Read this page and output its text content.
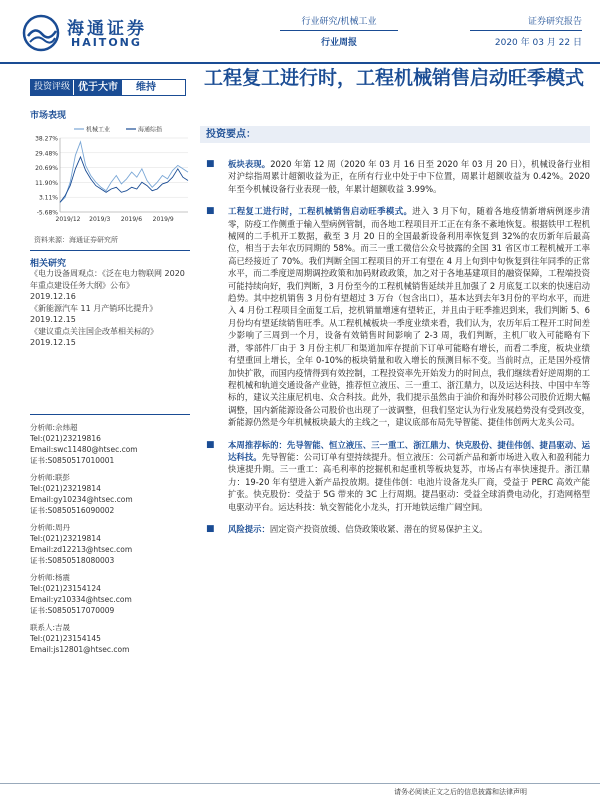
海通证券
HAITONG
行业研究/机械工业
行业周报
证券研究报告
2020 年 03 月 22 日
投资评级 优于大市	维持	工程复工进行时，工程机械销售启动旺季模式
市场表现
38.27%
29.48%
20.69%
11.90%
3.11%
-5.68%
2019/12 2019/3 2019/6 2019/9
机械工业	海通综指
资料来源：海通证券研究所
相关研究
《电力设备周观点：《泛在电力物联网 2020 年重点建设任务大纲》公布》
2019.12.16
《新能源汽车 11 月产销环比提升》
2019.12.15
《建议重点关注国企改革相关标的》
2019.12.15
分析师:佘炜超
Tel:(021)23219816
Email:swc11480@htsec.com
证书:S0850517010001
分析师:联彭
Tel:(021)23219814
Email:gy10234@htsec.com
证书:S0850516090002
分析师:周丹
Tel:(021)23219814
Email:zd12213@htsec.com
证书:S0850518080003
分析师:杨震
Tel:(021)23154124
Email:yz10334@htsec.com
证书:S0850517070009
联系人:吉晟
Tel:(021)23154145
Email:js12801@htsec.com
投资要点：
■ 板块表现。2020 年第 12 周（2020 年 03 月 16 日至 2020 年 03 月 20 日），机械设备行业相对沪综指周累计超额收益为正，在所有行业中处于中下位置，周累计超额收益为 0.42%。2020 年至今机械设备行业表现一般，年累计超额收益 3.99%。
■ 工程复工进行时，工程机械销售启动旺季模式。进入 3 月下旬，随着各地疫情新增病例逐步清零，防疫工作侧重于输入型病例管制，而各地工程项目开工正在有条不紊地恢复。根据铁甲工程机械网的二手机开工数据，截至 3 月 20 日的全国最新设备利用率恢复到 32%的农历新年后最高位，相当于去年农历同期的 58%。而三一重工微信公众号披露的全国 31 省区市工程机械开工率高已经接近了 70%。我们判断全国工程项目的开工有望在 4 月上旬到中旬恢复到往年同季的正常水平，而二季度逆周期调控政策和加码财政政策，加之对于各地基建项目的融资保障，工程端投资可能持续向好，我们判断，3 月份至今的工程机械销售延续并且加强了 2 月底复工以来的快速启动趋势。其中挖机销售 3 月份有望超过 3 万台（包含出口），基本达到去年3月份的平均水平，而进入 4 月份工程项目全面复工后，挖机销量增速有望转正，并且由于旺季推迟到来，我们判断 5、6 月份均有望延续销售旺季。从工程机械板块一季度业绩来看，我们认为，农历年后工程开工时间差少影响了三周到一个月，设备有效销售时间影响了 2-3 周，我们判断，主机厂收入可能略有下滑，零部件厂由于 3 月份主机厂和渠道加库存提前下订单可能略有增长，而看二季度，板块业绩有望重回上增长，全年 0-10%的板块销量和收入增长的预测目标不变。当前时点，正是国外疫情加快扩散，而国内疫情得到有效控制，工程投资率先开始发力的时间点，我们继续看好逆周期的工程机械和轨道交通设备产业链，推荐恒立液压、三一重工、浙江鼎力，以及运达科技、中国中车等标的，建议关注康尼机电、众合科技。此外，我们提示虽然由于油价和海外时移公司股价近期大幅调整，国内新能源设备公司股价也出现了一波调整，但我们坚定认为行业发展趋势没有受到改变，新能源仍然是今年机械板块最大的主线之一，建议底部布局先导智能、捷佳伟创两大龙头公司。
■ 本周推荐标的：先导智能、恒立液压、三一重工、浙江鼎力、快克股份、捷佳伟创、捷昌驱动、运达科技。先导智能：公司订单有望持续提升。恒立液压：公司新产品和新市场进入收入和盈利能力快速提升期。三一重工：高毛利率的挖掘机和起重机等板块复苏，市场占有率快速提升。浙江鼎力：19-20 年有望进入新产品投放期。捷佳伟创：电池片设备龙头厂商，受益于 PERC 高效产能扩张。快克股份：受益于 5G 带来的 3C 上行周期。捷昌驱动：受益全球消费电动化，打造网格型电驱动平台。运达科技：轨交智能化小龙头，打开地铁运维广阔空间。
■ 风险提示：固定资产投资放缓、信贷政策收紧、潜在的贸易保护主义。
请务必阅读正文之后的信息披露和法律声明
